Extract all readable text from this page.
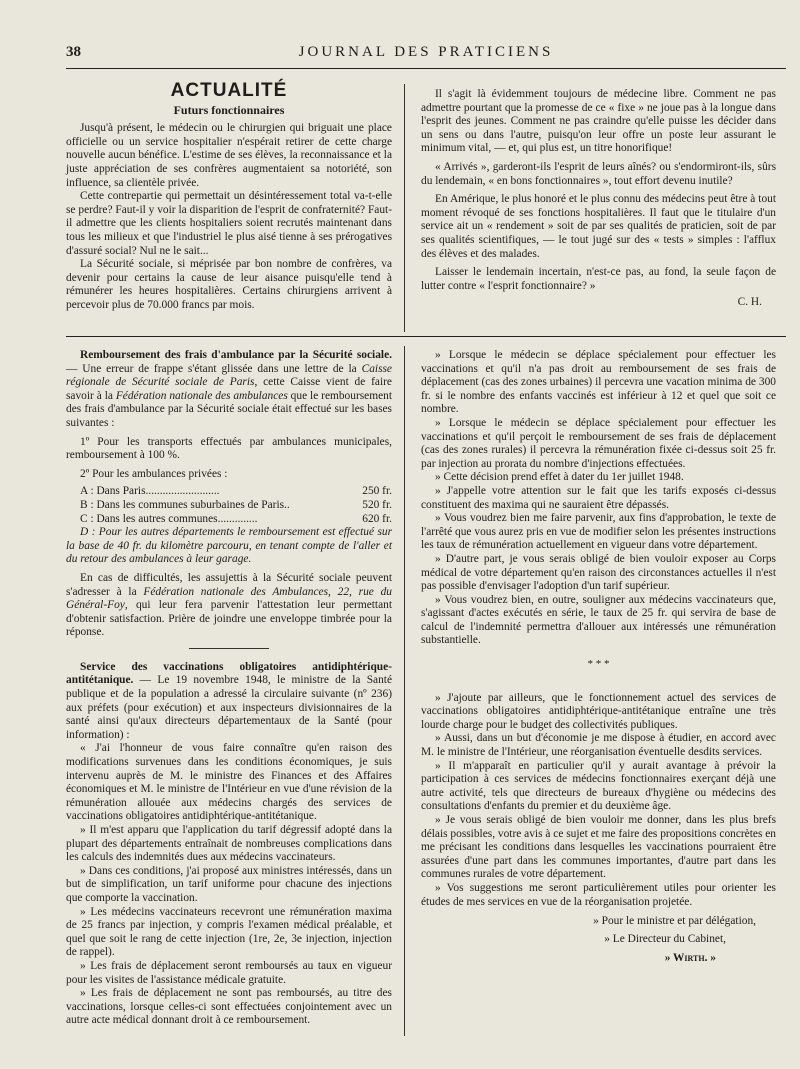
38	JOURNAL DES PRATICIENS
ACTUALITÉ
Futurs fonctionnaires

Jusqu'à présent, le médecin ou le chirurgien qui briguait une place officielle ou un service hospitalier n'espérait retirer de cette charge nouvelle aucun bénéfice. L'estime de ses élèves, la reconnaissance et la juste appréciation de ses confrères augmentaient sa notoriété, son influence, sa clientèle privée.

Cette contrepartie qui permettait un désintéressement total va-t-elle se perdre? Faut-il y voir la disparition de l'esprit de confraternité? Faut-il admettre que les clients hospitaliers soient recrutés maintenant dans tous les milieux et que l'industriel le plus aisé tienne à ses prérogatives d'assuré social? Nul ne le sait...

La Sécurité sociale, si méprisée par bon nombre de confrères, va devenir pour certains la cause de leur aisance puisqu'elle tend à rémunérer les heures hospitalières. Certains chirurgiens arrivent à percevoir plus de 70.000 francs par mois.

Il s'agit là évidemment toujours de médecine libre. Comment ne pas admettre pourtant que la promesse de ce « fixe » ne joue pas à la longue dans l'esprit des jeunes. Comment ne pas craindre qu'elle puisse les décider dans un sens ou dans l'autre, puisqu'on leur offre un poste leur assurant le minimum vital, — et, qui plus est, un titre honorifique!

« Arrivés », garderont-ils l'esprit de leurs aînés? ou s'endormiront-ils, sûrs du lendemain, « en bons fonctionnaires », tout effort devenu inutile?

En Amérique, le plus honoré et le plus connu des médecins peut être à tout moment révoqué de ses fonctions hospitalières. Il faut que le titulaire d'un service ait un « rendement » soit de par ses qualités de praticien, soit de par ses qualités scientifiques, — le tout jugé sur des « tests » simples : l'afflux des élèves et des malades.

Laisser le lendemain incertain, n'est-ce pas, au fond, la seule façon de lutter contre « l'esprit fonctionnaire? »

C. H.

Remboursement des frais d'ambulance par la Sécurité sociale. — Une erreur de frappe s'étant glissée dans une lettre de la Caisse régionale de Sécurité sociale de Paris, cette Caisse vient de faire savoir à la Fédération nationale des ambulances que le remboursement des frais d'ambulance par la Sécurité sociale était effectué sur les bases suivantes :

1º Pour les transports effectués par ambulances municipales, remboursement à 100 %.

2º Pour les ambulances privées :

A : Dans Paris..........................	250 fr.
B : Dans les communes suburbaines de Paris..	520 fr.
C : Dans les autres communes..............	620 fr.

D : Pour les autres départements le remboursement est effectué sur la base de 40 fr. du kilomètre parcouru, en tenant compte de l'aller et du retour des ambulances à leur garage.

En cas de difficultés, les assujettis à la Sécurité sociale peuvent s'adresser à la Fédération nationale des Ambulances, 22, rue du Général-Foy, qui leur fera parvenir l'attestation leur permettant d'obtenir satisfaction. Prière de joindre une enveloppe timbrée pour la réponse.

Service des vaccinations obligatoires antidiphtérique-antitétanique. — Le 19 novembre 1948, le ministre de la Santé publique et de la population a adressé la circulaire suivante (nº 236) aux préfets (pour exécution) et aux inspecteurs divisionnaires de la santé ainsi qu'aux directeurs départementaux de la Santé (pour information) :

« J'ai l'honneur de vous faire connaître qu'en raison des modifications survenues dans les conditions économiques, je suis intervenu auprès de M. le ministre des Finances et des Affaires économiques et M. le ministre de l'Intérieur en vue d'une révision de la rémunération allouée aux médecins chargés des services de vaccinations obligatoires antidiphtérique-antitétanique.

» Il m'est apparu que l'application du tarif dégressif adopté dans la plupart des départements entraînait de nombreuses complications dans les calculs des indemnités dues aux médecins vaccinateurs.

» Dans ces conditions, j'ai proposé aux ministres intéressés, dans un but de simplification, un tarif uniforme pour chacune des injections que comporte la vaccination.

» Les médecins vaccinateurs recevront une rémunération maxima de 25 francs par injection, y compris l'examen médical préalable, et quel que soit le rang de cette injection (1re, 2e, 3e injection, injection de rappel).

» Les frais de déplacement seront remboursés au taux en vigueur pour les visites de l'assistance médicale gratuite.

» Les frais de déplacement ne sont pas remboursés, au titre des vaccinations, lorsque celles-ci sont effectuées conjointement avec un autre acte médical donnant droit à ce remboursement.

» Lorsque le médecin se déplace spécialement pour effectuer les vaccinations et qu'il n'a pas droit au remboursement de ses frais de déplacement (cas des zones urbaines) il percevra une vacation minima de 300 fr. si le nombre des enfants vaccinés est inférieur à 12 et quel que soit ce nombre.

» Lorsque le médecin se déplace spécialement pour effectuer les vaccinations et qu'il perçoit le remboursement de ses frais de déplacement (cas des zones rurales) il percevra la rémunération fixée ci-dessus soit 25 fr. par injection au prorata du nombre d'injections effectuées.

» Cette décision prend effet à dater du 1er juillet 1948.

» J'appelle votre attention sur le fait que les tarifs exposés ci-dessus constituent des maxima qui ne sauraient être dépassés.

» Vous voudrez bien me faire parvenir, aux fins d'approbation, le texte de l'arrêté que vous aurez pris en vue de modifier selon les présentes instructions les taux de rémunération actuellement en vigueur dans votre département.

» D'autre part, je vous serais obligé de bien vouloir exposer au Corps médical de votre département qu'en raison des circonstances actuelles il n'est pas possible d'envisager l'adoption d'un tarif supérieur.

» Vous voudrez bien, en outre, souligner aux médecins vaccinateurs que, s'agissant d'actes exécutés en série, le taux de 25 fr. qui servira de base de calcul de l'indemnité permettra d'allouer aux intéressés une rémunération substantielle.

* * *

» J'ajoute par ailleurs, que le fonctionnement actuel des services de vaccinations obligatoires antidiphtérique-antitétanique entraîne une très lourde charge pour le budget des collectivités publiques.

» Aussi, dans un but d'économie je me dispose à étudier, en accord avec M. le ministre de l'Intérieur, une réorganisation éventuelle desdits services.

» Il m'apparaît en particulier qu'il y aurait avantage à prévoir la participation à ces services de médecins fonctionnaires exerçant déjà une autre activité, tels que directeurs de bureaux d'hygiène ou médecins des consultations d'enfants du premier et du deuxième âge.

» Je vous serais obligé de bien vouloir me donner, dans les plus brefs délais possibles, votre avis à ce sujet et me faire des propositions concrètes en me précisant les conditions dans lesquelles les vaccinations pourraient être assurées d'une part dans les communes importantes, d'autre part dans les communes rurales de votre département.

» Vos suggestions me seront particulièrement utiles pour orienter les études de mes services en vue de la réorganisation projetée.

» Pour le ministre et par délégation,
» Le Directeur du Cabinet,
» Wirth. »
